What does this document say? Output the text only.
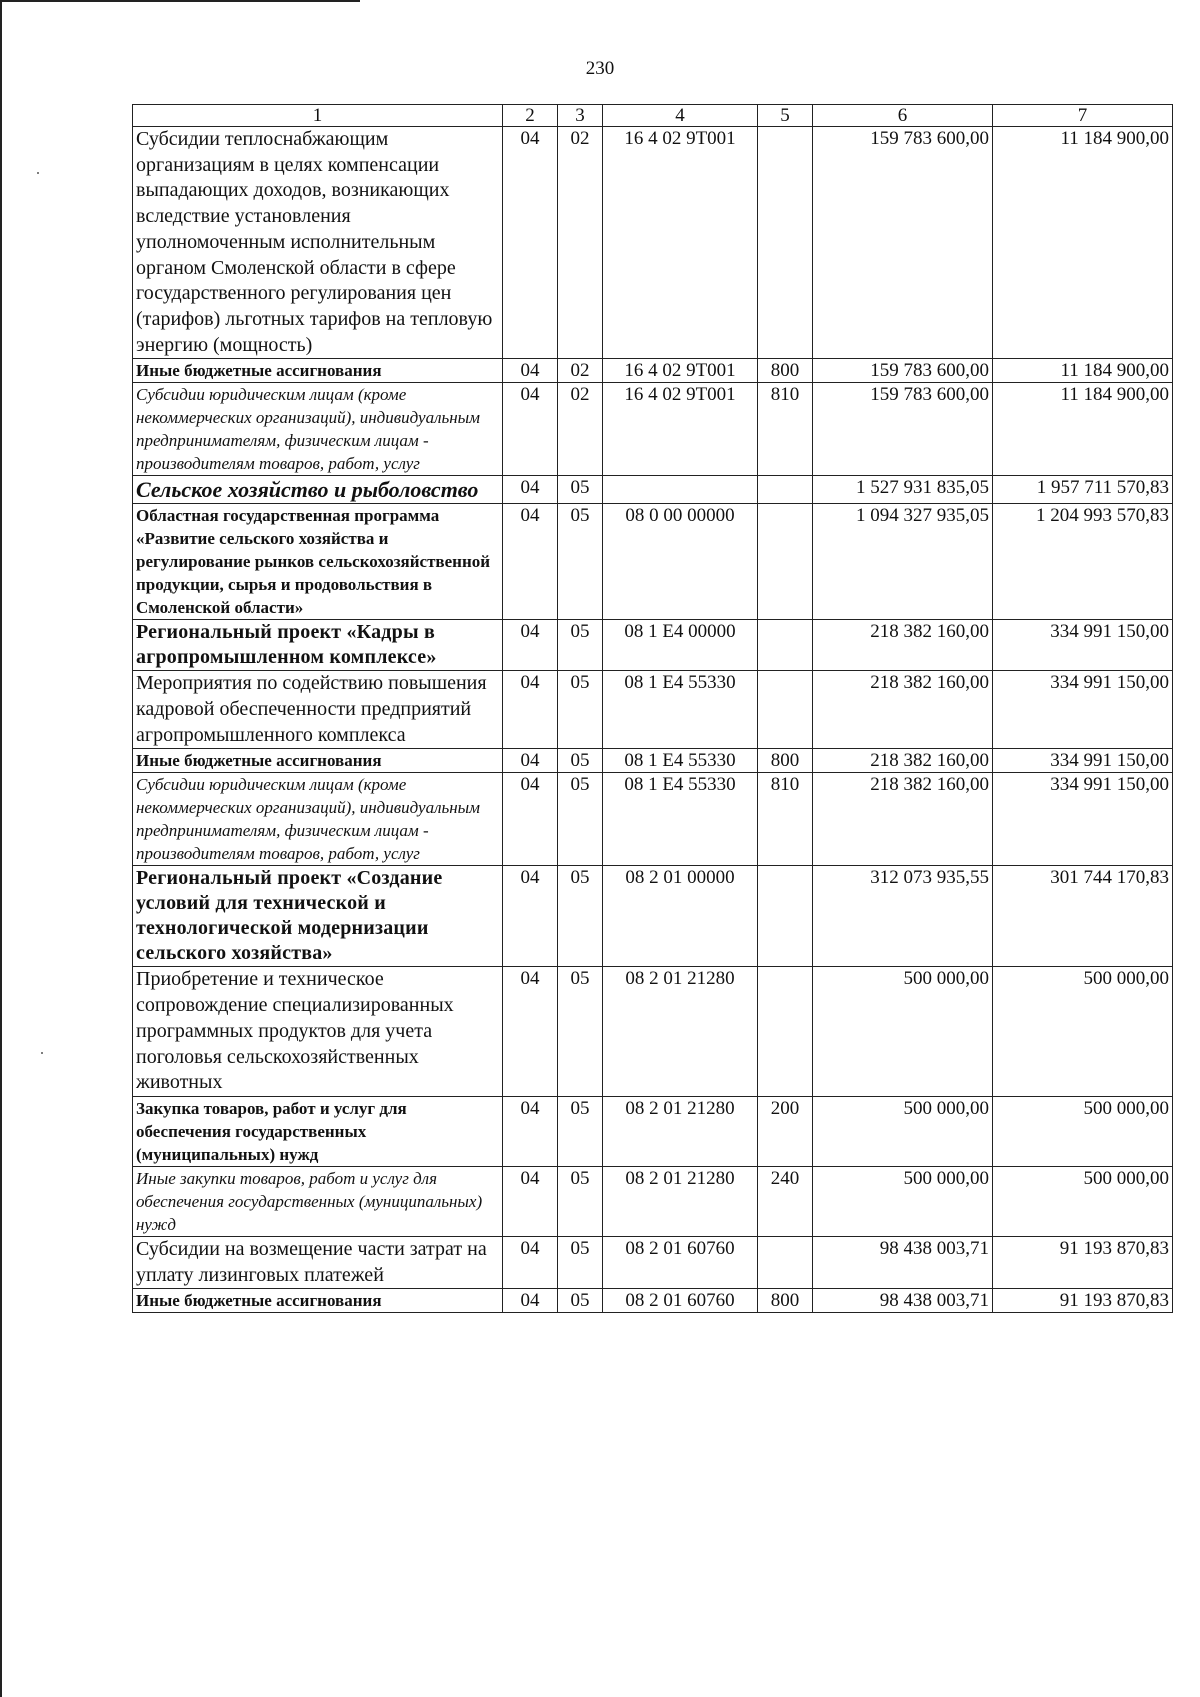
230
1	2	3	4	5	6	7
Субсидии теплоснабжающим организациям в целях компенсации выпадающих доходов, возникающих вследствие установления уполномоченным исполнительным органом Смоленской области в сфере государственного регулирования цен (тарифов) льготных тарифов на тепловую энергию (мощность)	04	02	16 4 02 9Т001		159 783 600,00	11 184 900,00
Иные бюджетные ассигнования	04	02	16 4 02 9Т001	800	159 783 600,00	11 184 900,00
Субсидии юридическим лицам (кроме некоммерческих организаций), индивидуальным предпринимателям, физическим лицам - производителям товаров, работ, услуг	04	02	16 4 02 9Т001	810	159 783 600,00	11 184 900,00
Сельское хозяйство и рыболовство	04	05			1 527 931 835,05	1 957 711 570,83
Областная государственная программа «Развитие сельского хозяйства и регулирование рынков сельскохозяйственной продукции, сырья и продовольствия в Смоленской области»	04	05	08 0 00 00000		1 094 327 935,05	1 204 993 570,83
Региональный проект «Кадры в агропромышленном комплексе»	04	05	08 1 Е4 00000		218 382 160,00	334 991 150,00
Мероприятия по содействию повышения кадровой обеспеченности предприятий агропромышленного комплекса	04	05	08 1 Е4 55330		218 382 160,00	334 991 150,00
Иные бюджетные ассигнования	04	05	08 1 Е4 55330	800	218 382 160,00	334 991 150,00
Субсидии юридическим лицам (кроме некоммерческих организаций), индивидуальным предпринимателям, физическим лицам - производителям товаров, работ, услуг	04	05	08 1 Е4 55330	810	218 382 160,00	334 991 150,00
Региональный проект «Создание условий для технической и технологической модернизации сельского хозяйства»	04	05	08 2 01 00000		312 073 935,55	301 744 170,83
Приобретение и техническое сопровождение специализированных программных продуктов для учета поголовья сельскохозяйственных животных	04	05	08 2 01 21280		500 000,00	500 000,00
Закупка товаров, работ и услуг для обеспечения государственных (муниципальных) нужд	04	05	08 2 01 21280	200	500 000,00	500 000,00
Иные закупки товаров, работ и услуг для обеспечения государственных (муниципальных) нужд	04	05	08 2 01 21280	240	500 000,00	500 000,00
Субсидии на возмещение части затрат на уплату лизинговых платежей	04	05	08 2 01 60760		98 438 003,71	91 193 870,83
Иные бюджетные ассигнования	04	05	08 2 01 60760	800	98 438 003,71	91 193 870,83
